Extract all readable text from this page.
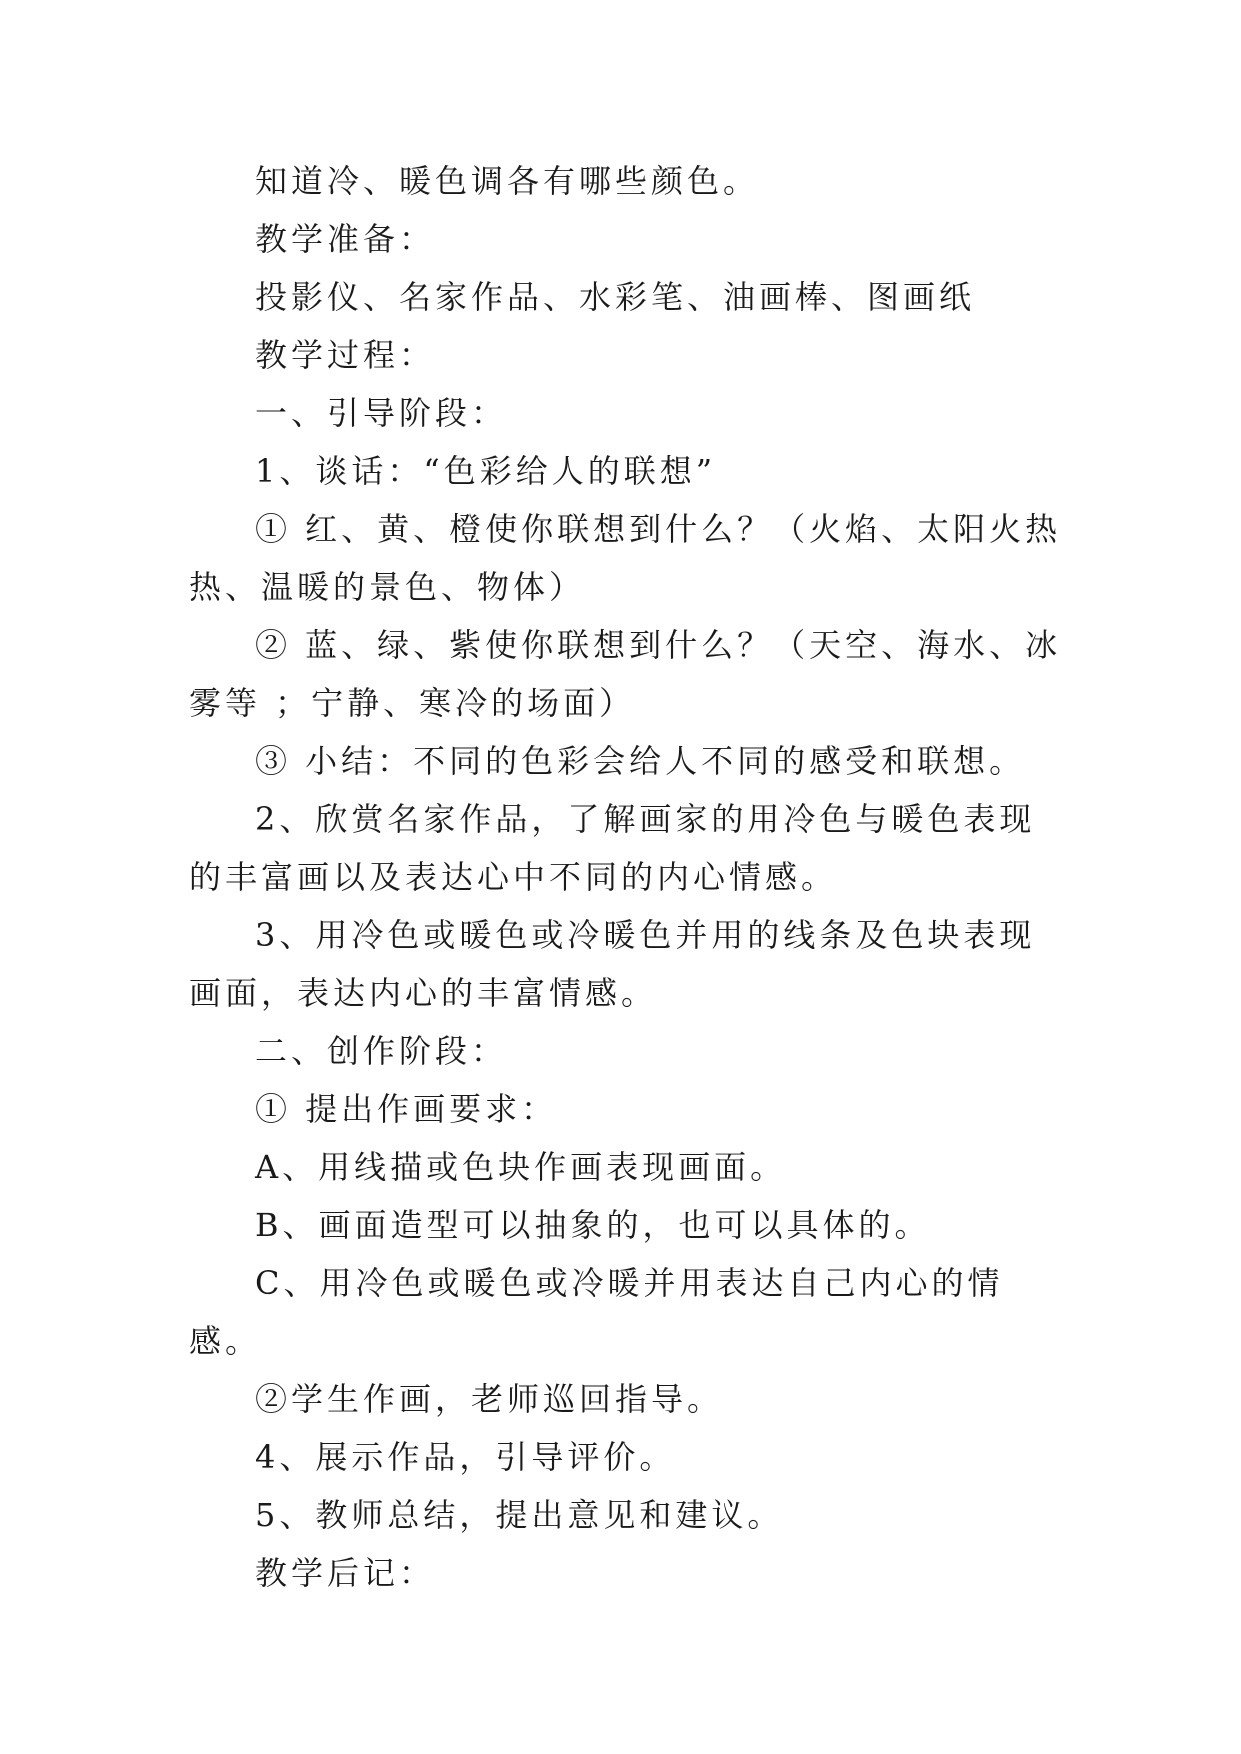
知道冷、暖色调各有哪些颜色。

教学准备：

投影仪、名家作品、水彩笔、油画棒、图画纸

教学过程：

一、引导阶段：

1、谈话：“色彩给人的联想”

① 红、黄、橙使你联想到什么？（火焰、太阳火热热、温暖的景色、物体）

② 蓝、绿、紫使你联想到什么？（天空、海水、冰雾等 ；宁静、寒冷的场面）

③ 小结：不同的色彩会给人不同的感受和联想。

2、欣赏名家作品，了解画家的用冷色与暖色表现的丰富画以及表达心中不同的内心情感。

3、用冷色或暖色或冷暖色并用的线条及色块表现画面，表达内心的丰富情感。

二、创作阶段：

① 提出作画要求：

A、用线描或色块作画表现画面。

B、画面造型可以抽象的，也可以具体的。

C、用冷色或暖色或冷暖并用表达自己内心的情感。

②学生作画，老师巡回指导。

4、展示作品，引导评价。

5、教师总结，提出意见和建议。

教学后记：
